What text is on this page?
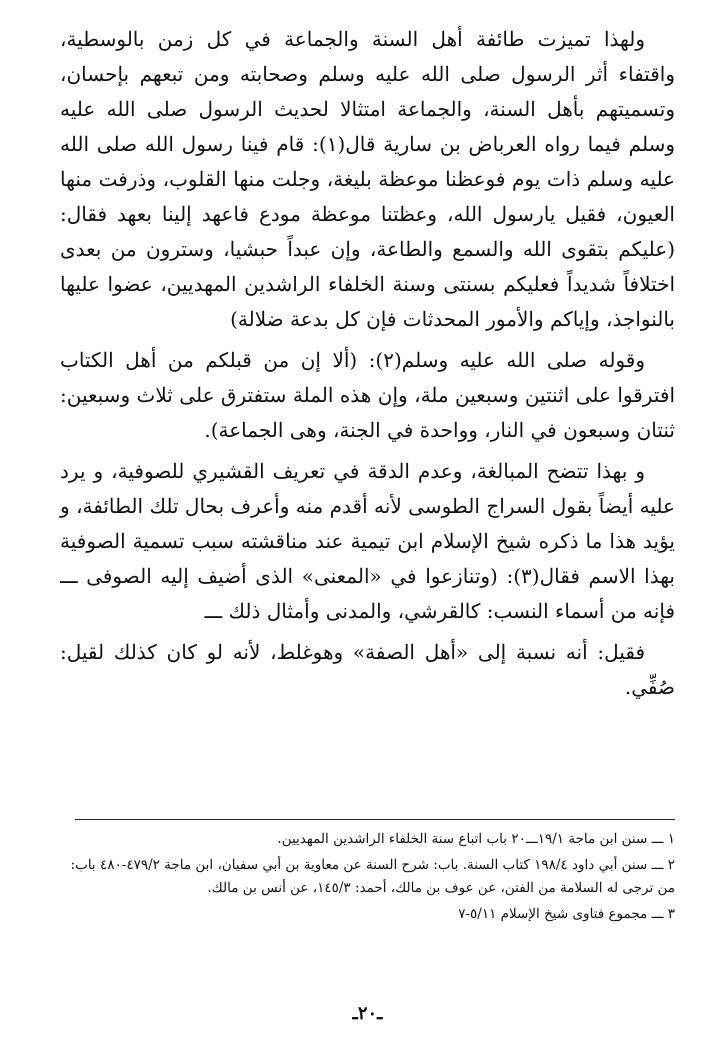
ولهذا تميزت طائفة أهل السنة والجماعة في كل زمن بالوسطية، واقتفاء أثر الرسول صلى الله عليه وسلم وصحابته ومن تبعهم بإحسان، وتسميتهم بأهل السنة، والجماعة امتثالا لحديث الرسول صلى الله عليه وسلم فيما رواه العرباض بن سارية قال(١): قام فينا رسول الله صلى الله عليه وسلم ذات يوم فوعظنا موعظة بليغة، وجلت منها القلوب، وذرفت منها العيون، فقيل يارسول الله، وعظتنا موعظة مودع فاعهد إلينا بعهد فقال: (عليكم بتقوى الله والسمع والطاعة، وإن عبداً حبشيا، وسترون من بعدى اختلافاً شديداً فعليكم بسنتى وسنة الخلفاء الراشدين المهديين، عضوا عليها بالنواجذ، وإياكم والأمور المحدثات فإن كل بدعة ضلالة)

وقوله صلى الله عليه وسلم(٢): (ألا إن من قبلكم من أهل الكتاب افترقوا على اثنتين وسبعين ملة، وإن هذه الملة ستفترق على ثلاث وسبعين: ثنتان وسبعون في النار، وواحدة في الجنة، وهى الجماعة).

و بهذا تتضح المبالغة، وعدم الدقة في تعريف القشيري للصوفية، و يرد عليه أيضاً بقول السراج الطوسى لأنه أقدم منه وأعرف بحال تلك الطائفة، و يؤيد هذا ما ذكره شيخ الإسلام ابن تيمية عند مناقشته سبب تسمية الصوفية بهذا الاسم فقال(٣): (وتنازعوا في «المعنى» الذى أضيف إليه الصوفى ـــ فإنه من أسماء النسب: كالقرشي، والمدنى وأمثال ذلك ـــ

فقيل: أنه نسبة إلى «أهل الصفة» وهوغلط، لأنه لو كان كذلك لقيل: صُفِّي.

١ ـــ سنن ابن ماجة ١٩/١ـــ٢٠ باب اتباع سنة الخلفاء الراشدين المهديين.

٢ ـــ سنن أبي داود ١٩٨/٤ كتاب السنة. باب: شرح السنة عن معاوية بن أبي سفيان، ابن ماجة ٤٧٩/٢-٤٨٠ باب: من ترجى له السلامة من الفتن، عن عوف بن مالك، أحمد: ١٤٥/٣، عن أنس بن مالك.

٣ ـــ مجموع فتاوى شيخ الإسلام ٥/١١-٧

ـ٢٠ـ
